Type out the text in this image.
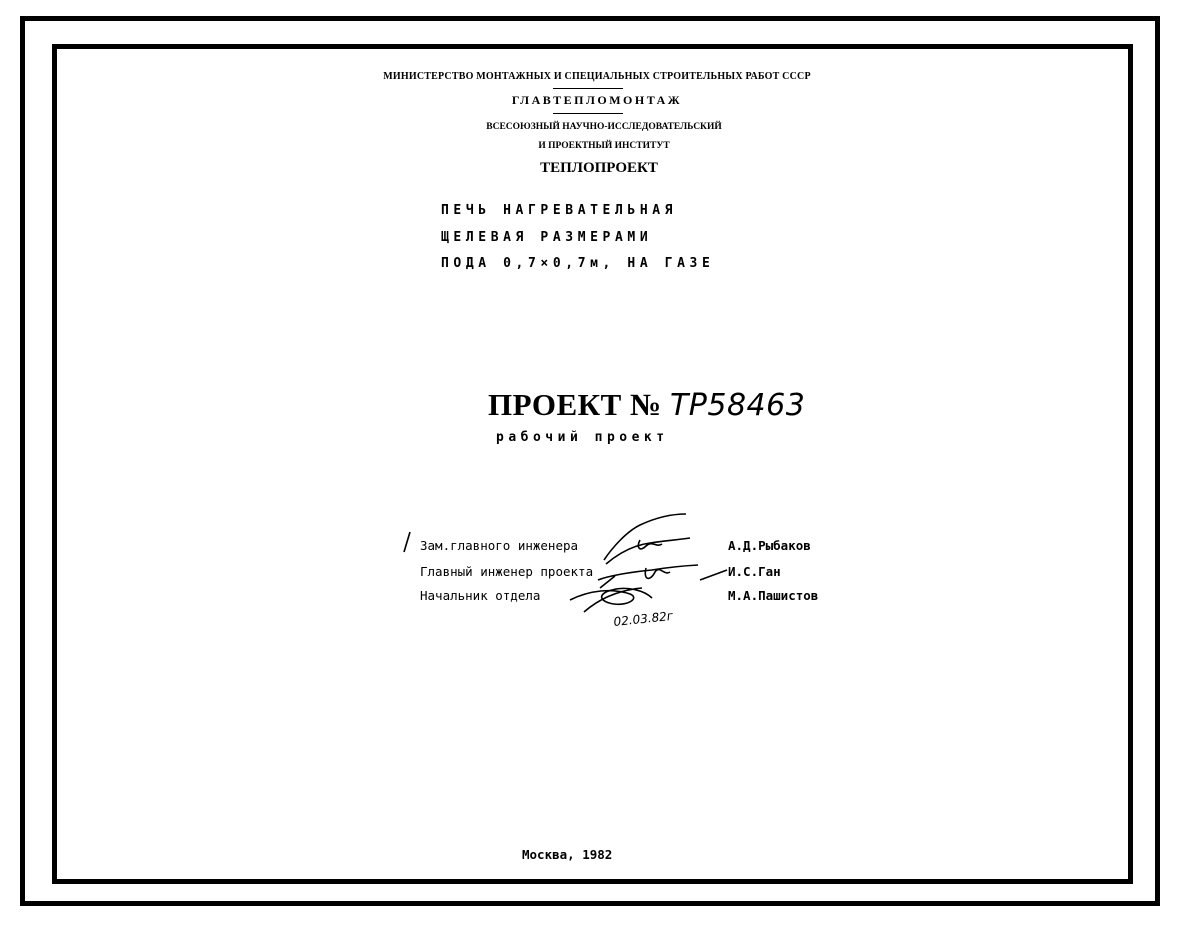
МИНИСТЕРСТВО МОНТАЖНЫХ И СПЕЦИАЛЬНЫХ СТРОИТЕЛЬНЫХ РАБОТ СССР
ГЛАВТЕПЛОМОНТАЖ
ВСЕСОЮЗНЫЙ НАУЧНО-ИССЛЕДОВАТЕЛЬСКИЙ
И ПРОЕКТНЫЙ ИНСТИТУТ
ТЕПЛОПРОЕКТ
ПЕЧЬ НАГРЕВАТЕЛЬНАЯ
ЩЕЛЕВАЯ РАЗМЕРАМИ
ПОДА 0,7×0,7м, НА ГАЗЕ
ПРОЕКТ № ТР58463
рабочий проект
Зам.главного инженера	А.Д.Рыбаков
Главный инженер проекта	И.С.Ган
Начальник отдела	М.А.Пашистов
02.03.82г
Москва, 1982
